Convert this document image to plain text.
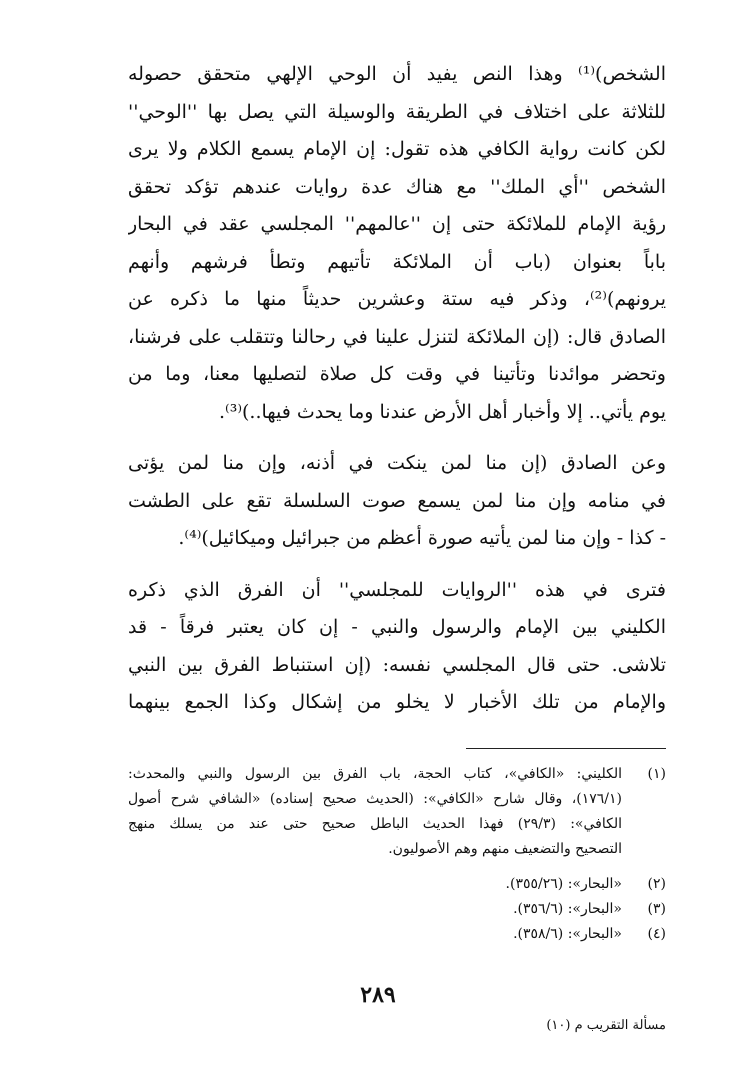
الشخص)⁽¹⁾ وهذا النص يفيد أن الوحي الإلهي متحقق حصوله
للثلاثة على اختلاف في الطريقة والوسيلة التي يصل بها ''الوحي''
لكن كانت رواية الكافي هذه تقول: إن الإمام يسمع الكلام ولا يرى
الشخص ''أي الملك'' مع هناك عدة روايات عندهم تؤكد تحقق
رؤية الإمام للملائكة حتى إن ''عالمهم'' المجلسي عقد في البحار
باباً بعنوان (باب أن الملائكة تأتيهم وتطأ فرشهم وأنهم
يرونهم)⁽²⁾، وذكر فيه ستة وعشرين حديثاً منها ما ذكره عن
الصادق قال: (إن الملائكة لتنزل علينا في رحالنا وتتقلب على فرشنا،
وتحضر موائدنا وتأتينا في وقت كل صلاة لتصليها معنا، وما من
يوم يأتي.. إلا وأخبار أهل الأرض عندنا وما يحدث فيها..)⁽³⁾.
وعن الصادق (إن منا لمن ينكت في أذنه، وإن منا لمن يؤتى
في منامه وإن منا لمن يسمع صوت السلسلة تقع على الطشت
- كذا - وإن منا لمن يأتيه صورة أعظم من جبرائيل وميكائيل)⁽⁴⁾.
فترى في هذه ''الروايات للمجلسي'' أن الفرق الذي ذكره
الكليني بين الإمام والرسول والنبي - إن كان يعتبر فرقاً - قد
تلاشى. حتى قال المجلسي نفسه: (إن استنباط الفرق بين النبي
والإمام من تلك الأخبار لا يخلو من إشكال وكذا الجمع بينهما
(١)
الكليني: «الكافي»، كتاب الحجة، باب الفرق بين الرسول والنبي والمحدث:
(١٧٦/١)، وقال شارح «الكافي»: (الحديث صحيح إسناده) «الشافي شرح أصول
الكافي»: (٢٩/٣) فهذا الحديث الباطل صحيح حتى عند من يسلك منهج
التصحيح والتضعيف منهم وهم الأصوليون.
(٢)
«البحار»: (٣٥٥/٢٦).
(٣)
«البحار»: (٣٥٦/٦).
(٤)
«البحار»: (٣٥٨/٦).
٢٨٩
مسألة التقريب م (١٠)
